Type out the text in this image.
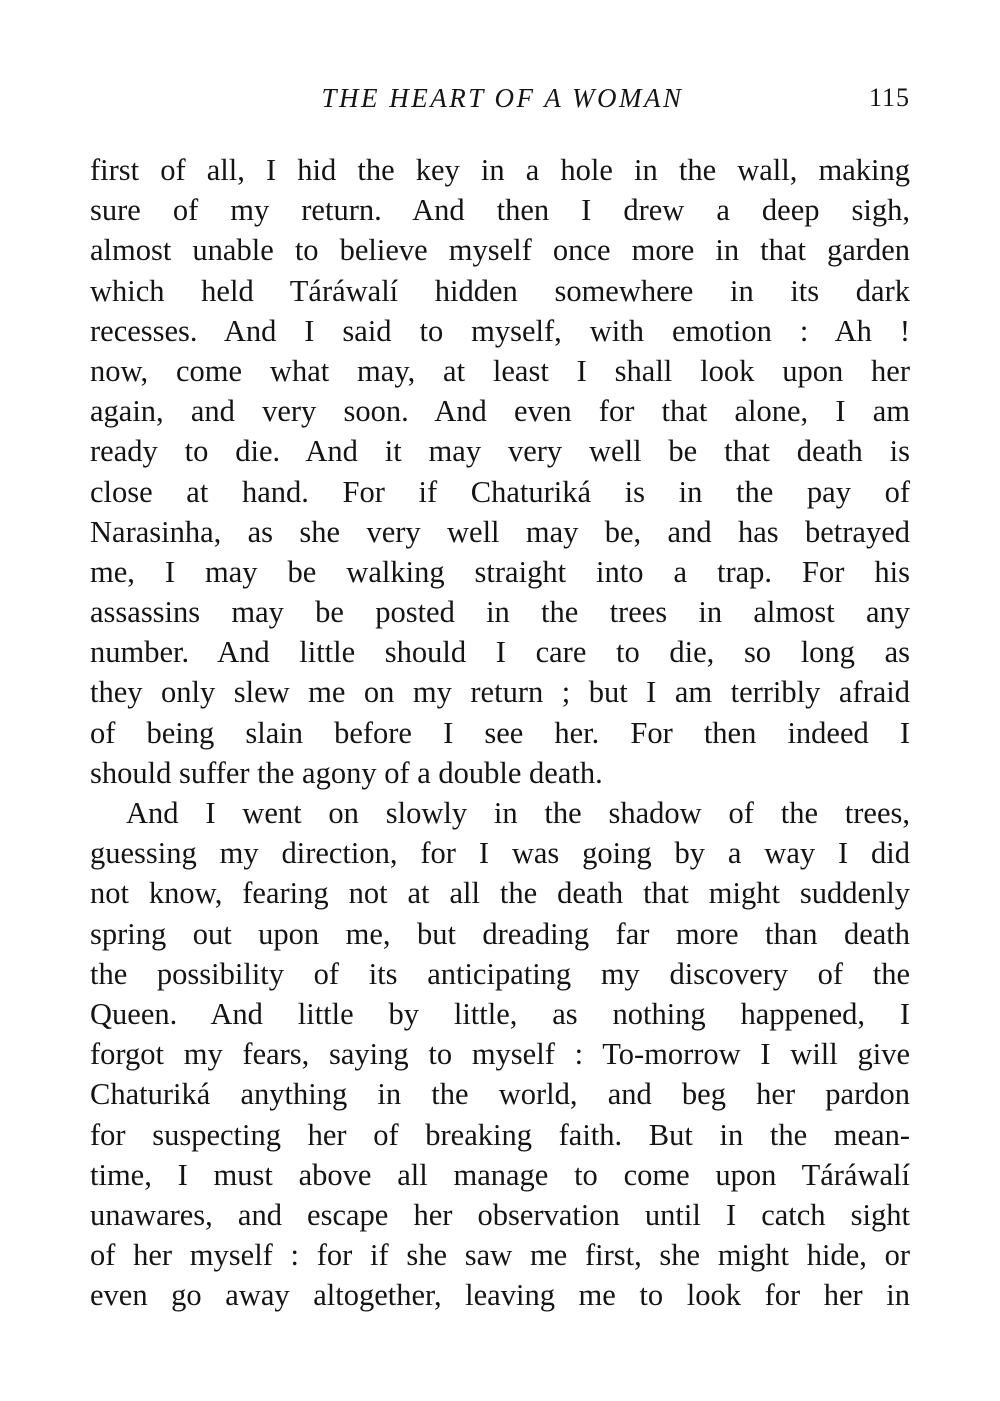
THE HEART OF A WOMAN	115
first of all, I hid the key in a hole in the wall, making
sure of my return. And then I drew a deep sigh,
almost unable to believe myself once more in that garden
which held Táráwalí hidden somewhere in its dark
recesses. And I said to myself, with emotion : Ah !
now, come what may, at least I shall look upon her
again, and very soon. And even for that alone, I am
ready to die. And it may very well be that death is
close at hand. For if Chaturiká is in the pay of
Narasinha, as she very well may be, and has betrayed
me, I may be walking straight into a trap. For his
assassins may be posted in the trees in almost any
number. And little should I care to die, so long as
they only slew me on my return ; but I am terribly afraid
of being slain before I see her. For then indeed I
should suffer the agony of a double death.
And I went on slowly in the shadow of the trees,
guessing my direction, for I was going by a way I did
not know, fearing not at all the death that might suddenly
spring out upon me, but dreading far more than death
the possibility of its anticipating my discovery of the
Queen. And little by little, as nothing happened, I
forgot my fears, saying to myself : To-morrow I will give
Chaturiká anything in the world, and beg her pardon
for suspecting her of breaking faith. But in the mean-
time, I must above all manage to come upon Táráwalí
unawares, and escape her observation until I catch sight
of her myself : for if she saw me first, she might hide, or
even go away altogether, leaving me to look for her in
